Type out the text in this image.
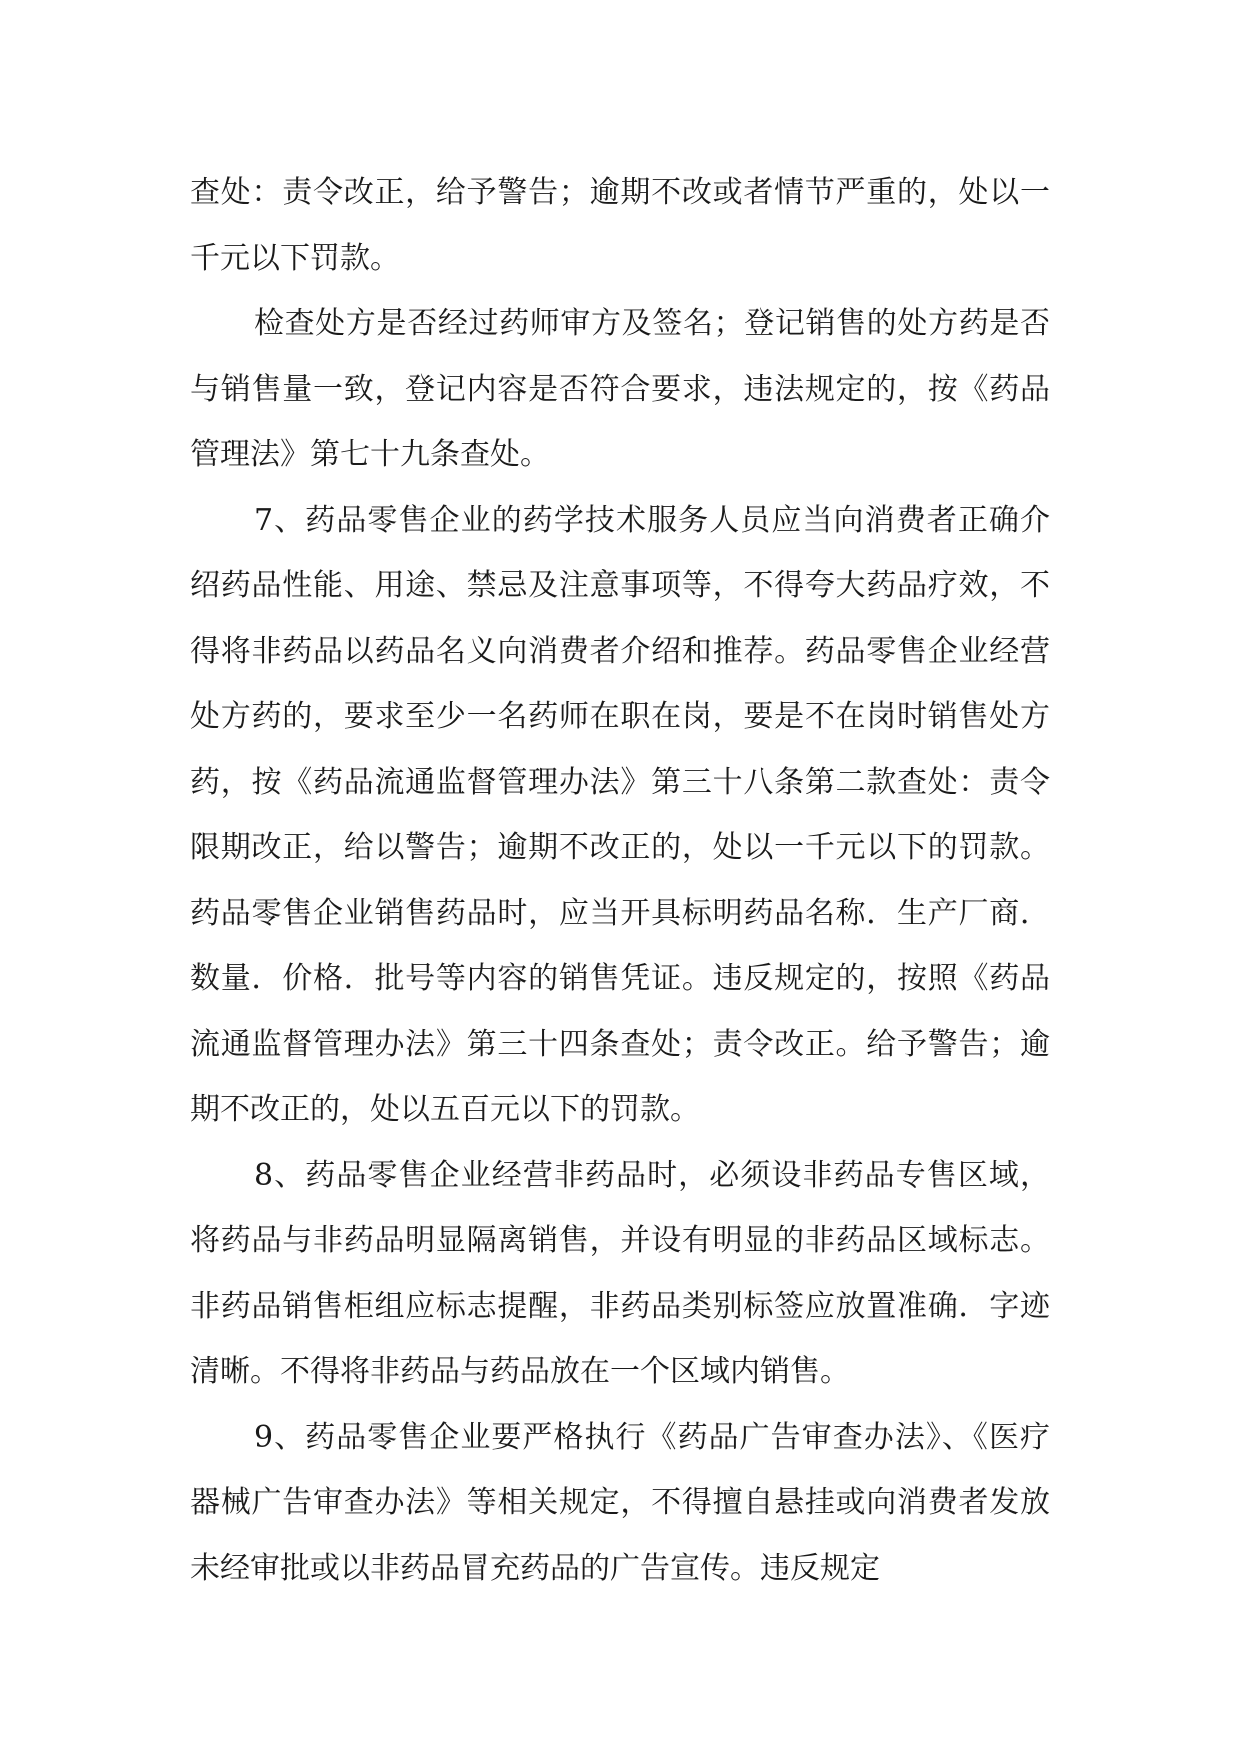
查处：责令改正，给予警告；逾期不改或者情节严重的，处以一千元以下罚款。

检查处方是否经过药师审方及签名；登记销售的处方药是否与销售量一致，登记内容是否符合要求，违法规定的，按《药品管理法》第七十九条查处。

7、药品零售企业的药学技术服务人员应当向消费者正确介绍药品性能、用途、禁忌及注意事项等，不得夸大药品疗效，不得将非药品以药品名义向消费者介绍和推荐。药品零售企业经营处方药的，要求至少一名药师在职在岗，要是不在岗时销售处方药，按《药品流通监督管理办法》第三十八条第二款查处：责令限期改正，给以警告；逾期不改正的，处以一千元以下的罚款。药品零售企业销售药品时，应当开具标明药品名称．生产厂商．数量．价格．批号等内容的销售凭证。违反规定的，按照《药品流通监督管理办法》第三十四条查处；责令改正。给予警告；逾期不改正的，处以五百元以下的罚款。

8、药品零售企业经营非药品时，必须设非药品专售区域，将药品与非药品明显隔离销售，并设有明显的非药品区域标志。非药品销售柜组应标志提醒，非药品类别标签应放置准确．字迹清晰。不得将非药品与药品放在一个区域内销售。

9、药品零售企业要严格执行《药品广告审查办法》、《医疗器械广告审查办法》等相关规定，不得擅自悬挂或向消费者发放未经审批或以非药品冒充药品的广告宣传。违反规定
